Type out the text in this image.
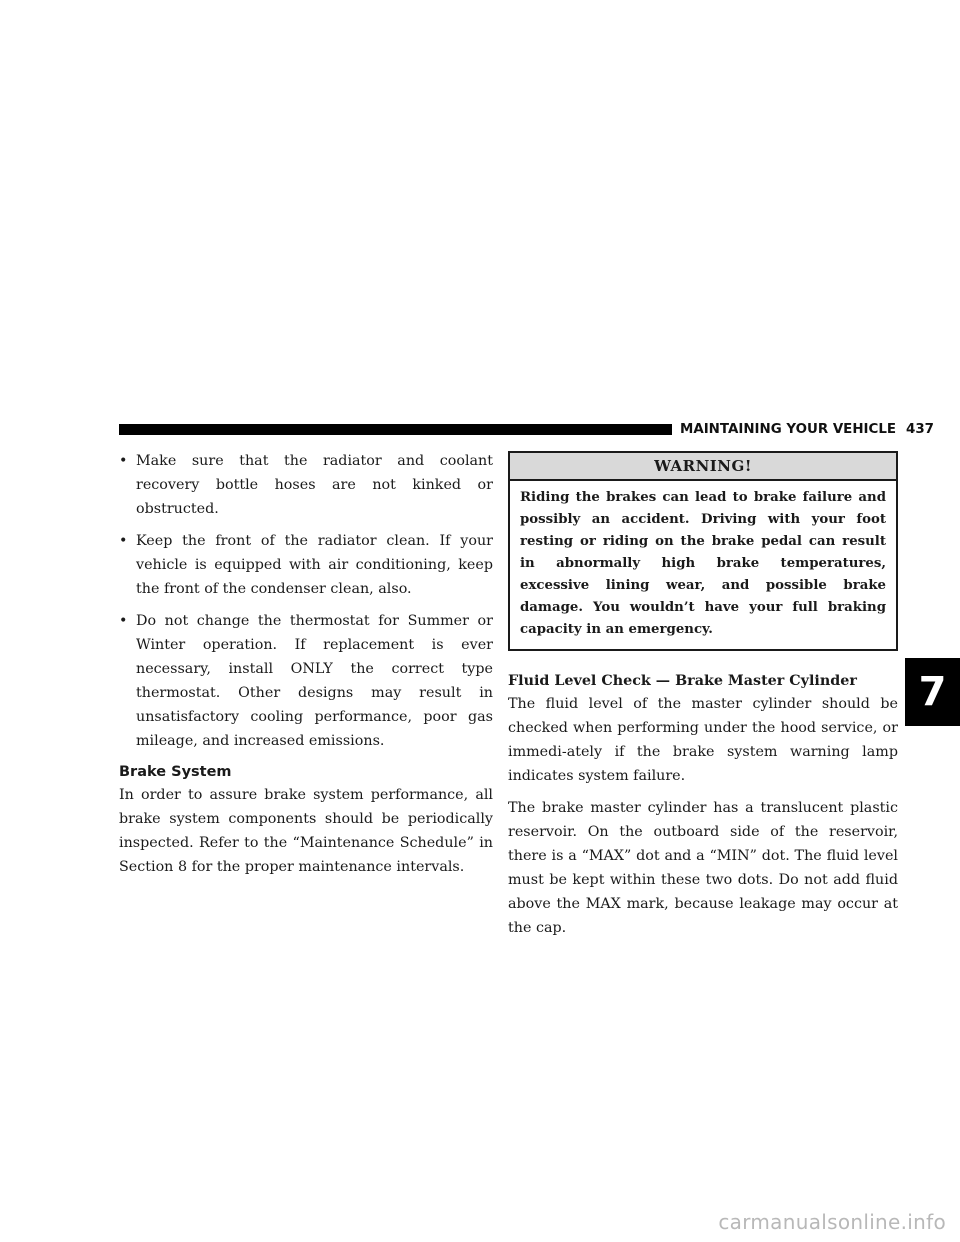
MAINTAINING YOUR VEHICLE 437
• Make sure that the radiator and coolant recovery bottle hoses are not kinked or obstructed.
• Keep the front of the radiator clean. If your vehicle is equipped with air conditioning, keep the front of the condenser clean, also.
• Do not change the thermostat for Summer or Winter operation. If replacement is ever necessary, install ONLY the correct type thermostat. Other designs may result in unsatisfactory cooling performance, poor gas mileage, and increased emissions.
Brake System

In order to assure brake system performance, all brake system components should be periodically inspected. Refer to the “Maintenance Schedule” in Section 8 for the proper maintenance intervals.

WARNING!
Riding the brakes can lead to brake failure and possibly an accident. Driving with your foot resting or riding on the brake pedal can result in abnormally high brake temperatures, excessive lining wear, and possible brake damage. You wouldn’t have your full braking capacity in an emergency.
Fluid Level Check — Brake Master Cylinder

The fluid level of the master cylinder should be checked when performing under the hood service, or immedi-ately if the brake system warning lamp indicates system failure.

The brake master cylinder has a translucent plastic reservoir. On the outboard side of the reservoir, there is a “MAX” dot and a “MIN” dot. The fluid level must be kept within these two dots. Do not add fluid above the MAX mark, because leakage may occur at the cap.

7
carmanualsonline.info
